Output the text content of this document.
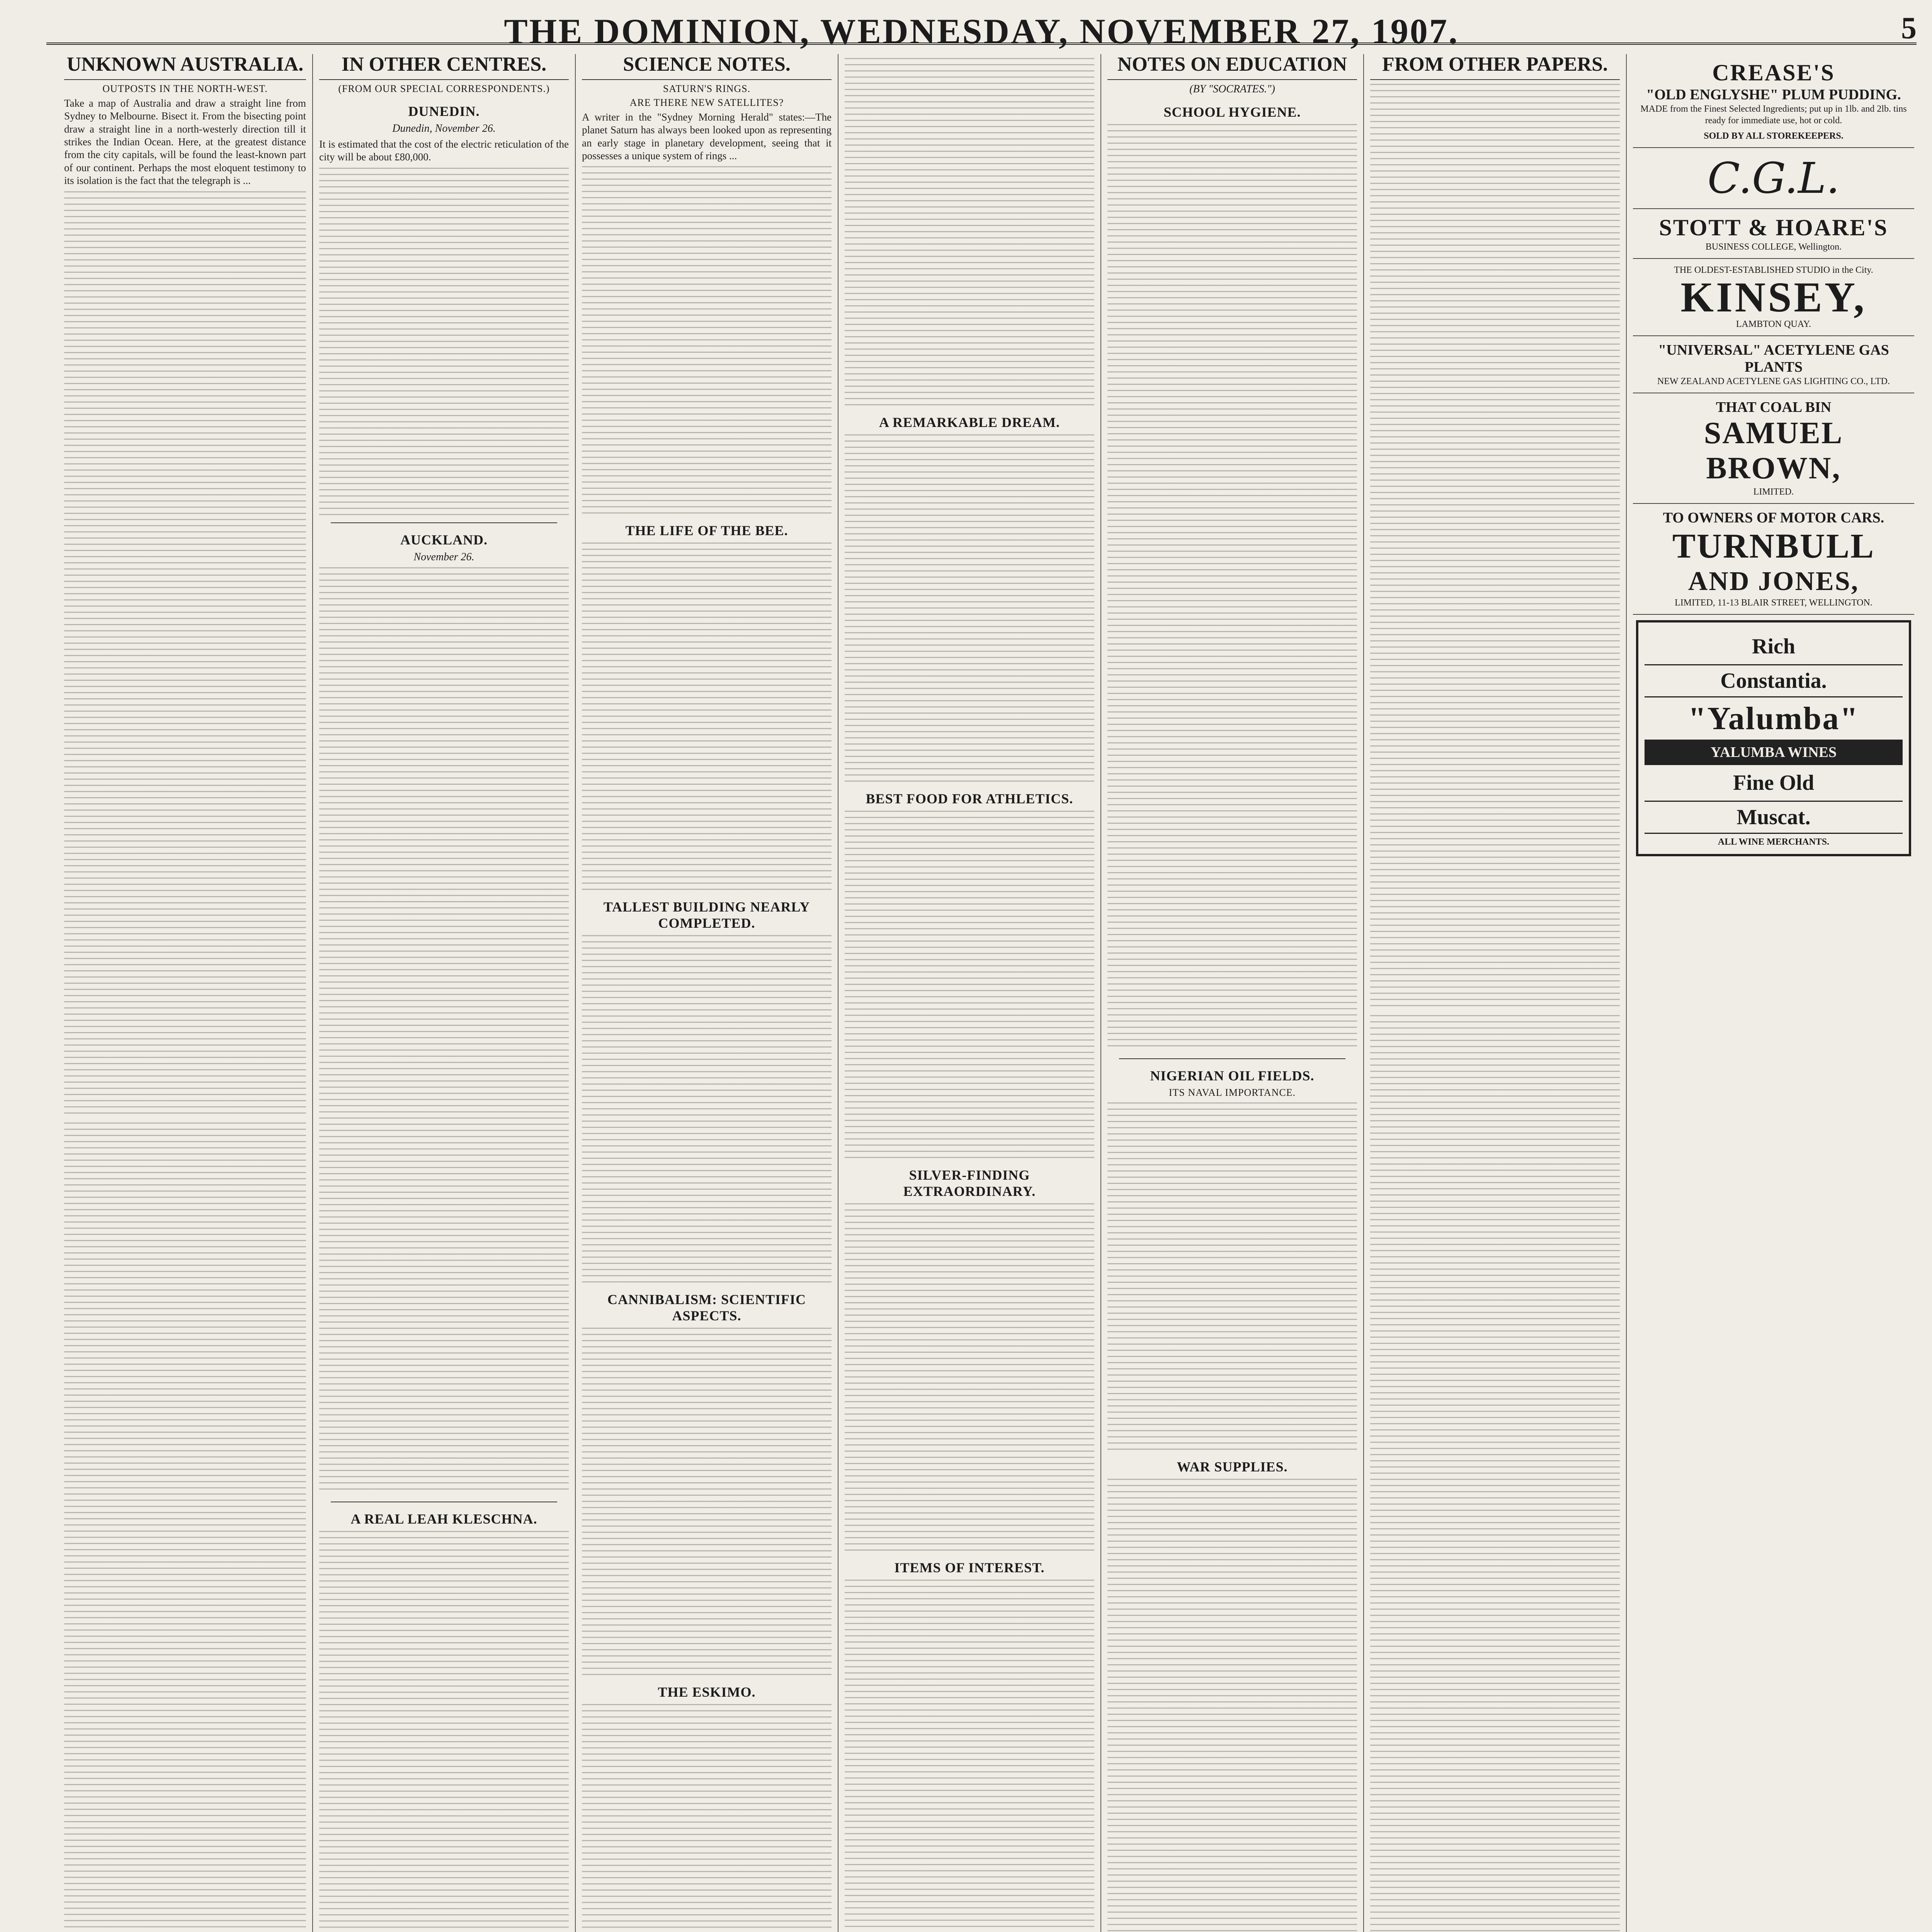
THE DOMINION, WEDNESDAY, NOVEMBER 27, 1907.	5
UNKNOWN AUSTRALIA.
OUTPOSTS IN THE NORTH-WEST.
Take a map of Australia and draw a straight line from Sydney to Melbourne. Bisect it. From the bisecting point draw a straight line in a north-westerly direction till it strikes the Indian Ocean. Here, at the greatest distance from the city capitals, will be found the least-known part of our continent. Perhaps the most eloquent testimony to its isolation is the fact that the telegraph is ...
IN OTHER CENTRES.
(FROM OUR SPECIAL CORRESPONDENTS.)
DUNEDIN.
Dunedin, November 26.
It is estimated that the cost of the electric reticulation of the city will be about £80,000.
AUCKLAND.
November 26.
A REAL LEAH KLESCHNA.
SCIENCE NOTES.
SATURN'S RINGS.
ARE THERE NEW SATELLITES?
A writer in the "Sydney Morning Herald" states:—The planet Saturn has always been looked upon as representing an early stage in planetary development, seeing that it possesses a unique system of rings ...
THE LIFE OF THE BEE.
TALLEST BUILDING NEARLY COMPLETED.
CANNIBALISM: SCIENTIFIC ASPECTS.
THE ESKIMO.
A REMARKABLE DREAM.
BEST FOOD FOR ATHLETICS.
SILVER-FINDING EXTRAORDINARY.
ITEMS OF INTEREST.
NOTES ON EDUCATION
(BY "SOCRATES.")
SCHOOL HYGIENE.
NIGERIAN OIL FIELDS.
ITS NAVAL IMPORTANCE.
WAR SUPPLIES.
FROM OTHER PAPERS.	CREASE'S
"OLD ENGLYSHE" PLUM PUDDING.
MADE from the Finest Selected Ingredients; put up in 1lb. and 2lb. tins ready for immediate use, hot or cold.
SOLD BY ALL STOREKEEPERS.
C.G.L.
STOTT & HOARE'S
BUSINESS COLLEGE, Wellington.
THE OLDEST-ESTABLISHED STUDIO in the City.
KINSEY,
LAMBTON QUAY.
"UNIVERSAL" ACETYLENE GAS PLANTS
NEW ZEALAND ACETYLENE GAS LIGHTING CO., LTD.
THAT COAL BIN
SAMUEL BROWN,
LIMITED.
TO OWNERS OF MOTOR CARS.
TURNBULL
AND JONES,
LIMITED, 11-13 BLAIR STREET, WELLINGTON.
Rich
Constantia.
"Yalumba"
YALUMBA WINES
Fine Old
Muscat.
ALL WINE MERCHANTS.
